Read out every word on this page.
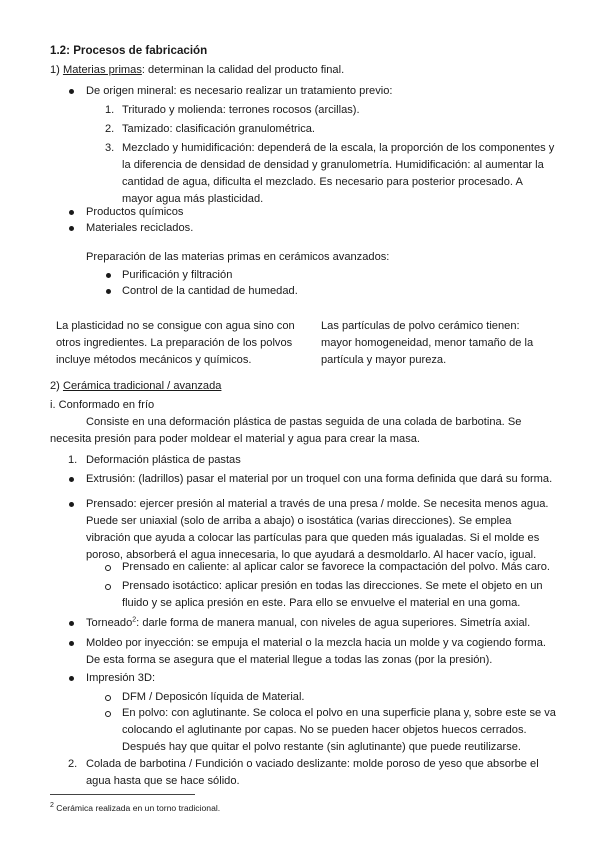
1.2: Procesos de fabricación
1) Materias primas: determinan la calidad del producto final.
De origen mineral: es necesario realizar un tratamiento previo:
1. Triturado y molienda: terrones rocosos (arcillas).
2. Tamizado: clasificación granulométrica.
3. Mezclado y humidificación: dependerá de la escala, la proporción de los componentes y
la diferencia de densidad de densidad y granulometría. Humidificación: al aumentar la
cantidad de agua, dificulta el mezclado. Es necesario para posterior procesado. A
mayor agua más plasticidad.
Productos químicos
Materiales reciclados.
Preparación de las materias primas en cerámicos avanzados:
Purificación y filtración
Control de la cantidad de humedad.
La plasticidad no se consigue con agua sino con
otros ingredientes. La preparación de los polvos
incluye métodos mecánicos y químicos.
Las partículas de polvo cerámico tienen:
mayor homogeneidad, menor tamaño de la
partícula y mayor pureza.
2) Cerámica tradicional / avanzada
i. Conformado en frío
Consiste en una deformación plástica de pastas seguida de una colada de barbotina. Se
necesita presión para poder moldear el material y agua para crear la masa.
1. Deformación plástica de pastas
Extrusión: (ladrillos) pasar el material por un troquel con una forma definida que dará su forma.
Prensado: ejercer presión al material a través de una presa / molde. Se necesita menos agua.
Puede ser uniaxial (solo de arriba a abajo) o isostática (varias direcciones). Se emplea
vibración que ayuda a colocar las partículas para que queden más igualadas. Si el molde es
poroso, absorberá el agua innecesaria, lo que ayudará a desmoldarlo. Al hacer vacío, igual.
Prensado en caliente: al aplicar calor se favorece la compactación del polvo. Más caro.
Prensado isotáctico: aplicar presión en todas las direcciones. Se mete el objeto en un
fluido y se aplica presión en este. Para ello se envuelve el material en una goma.
Torneado$^2$: darle forma de manera manual, con niveles de agua superiores. Simetría axial.
Moldeo por inyección: se empuja el material o la mezcla hacia un molde y va cogiendo forma.
De esta forma se asegura que el material llegue a todas las zonas (por la presión).
Impresión 3D:
DFM / Deposicón líquida de Material.
En polvo: con aglutinante. Se coloca el polvo en una superficie plana y, sobre este se va
colocando el aglutinante por capas. No se pueden hacer objetos huecos cerrados.
Después hay que quitar el polvo restante (sin aglutinante) que puede reutilizarse.
2. Colada de barbotina / Fundición o vaciado deslizante: molde poroso de yeso que absorbe el
agua hasta que se hace sólido.
$^2$ Cerámica realizada en un torno tradicional.
